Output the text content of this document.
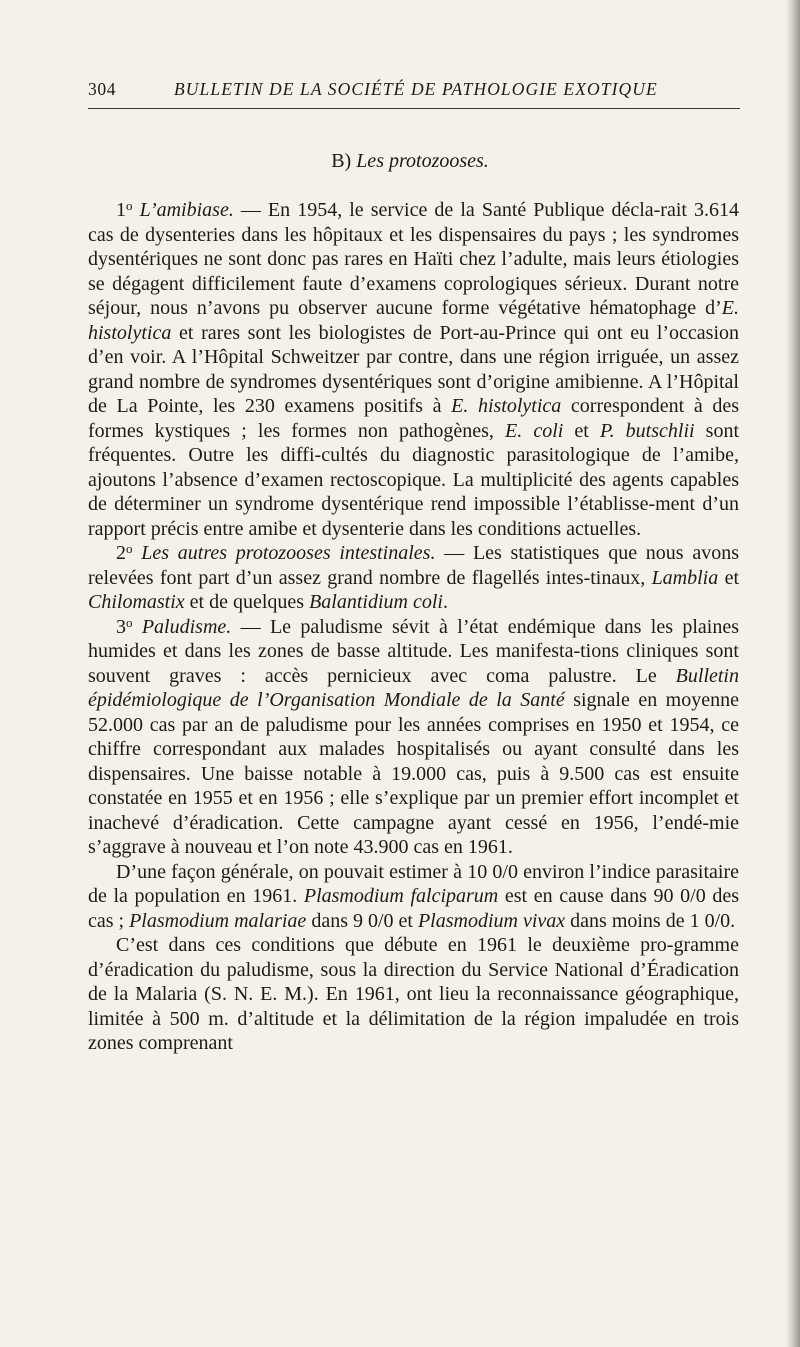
304	BULLETIN DE LA SOCIÉTÉ DE PATHOLOGIE EXOTIQUE
B) Les protozooses.

1$^o$ L’amibiase. — En 1954, le service de la Santé Publique décla-rait 3.614 cas de dysenteries dans les hôpitaux et les dispensaires du pays ; les syndromes dysentériques ne sont donc pas rares en Haïti chez l’adulte, mais leurs étiologies se dégagent difficilement faute d’examens coprologiques sérieux. Durant notre séjour, nous n’avons pu observer aucune forme végétative hématophage d’E. histolytica et rares sont les biologistes de Port-au-Prince qui ont eu l’occasion d’en voir. A l’Hôpital Schweitzer par contre, dans une région irriguée, un assez grand nombre de syndromes dysentériques sont d’origine amibienne. A l’Hôpital de La Pointe, les 230 examens positifs à E. histolytica correspondent à des formes kystiques ; les formes non pathogènes, E. coli et P. butschlii sont fréquentes. Outre les diffi-cultés du diagnostic parasitologique de l’amibe, ajoutons l’absence d’examen rectoscopique. La multiplicité des agents capables de déterminer un syndrome dysentérique rend impossible l’établisse-ment d’un rapport précis entre amibe et dysenterie dans les conditions actuelles.

2$^o$ Les autres protozooses intestinales. — Les statistiques que nous avons relevées font part d’un assez grand nombre de flagellés intes-tinaux, Lamblia et Chilomastix et de quelques Balantidium coli.

3$^o$ Paludisme. — Le paludisme sévit à l’état endémique dans les plaines humides et dans les zones de basse altitude. Les manifesta-tions cliniques sont souvent graves : accès pernicieux avec coma palustre. Le Bulletin épidémiologique de l’Organisation Mondiale de la Santé signale en moyenne 52.000 cas par an de paludisme pour les années comprises en 1950 et 1954, ce chiffre correspondant aux malades hospitalisés ou ayant consulté dans les dispensaires. Une baisse notable à 19.000 cas, puis à 9.500 cas est ensuite constatée en 1955 et en 1956 ; elle s’explique par un premier effort incomplet et inachevé d’éradication. Cette campagne ayant cessé en 1956, l’endé-mie s’aggrave à nouveau et l’on note 43.900 cas en 1961.

D’une façon générale, on pouvait estimer à 10 0/0 environ l’indice parasitaire de la population en 1961. Plasmodium falciparum est en cause dans 90 0/0 des cas ; Plasmodium malariae dans 9 0/0 et Plasmodium vivax dans moins de 1 0/0.

C’est dans ces conditions que débute en 1961 le deuxième pro-gramme d’éradication du paludisme, sous la direction du Service National d’Éradication de la Malaria (S. N. E. M.). En 1961, ont lieu la reconnaissance géographique, limitée à 500 m. d’altitude et la délimitation de la région impaludée en trois zones comprenant
